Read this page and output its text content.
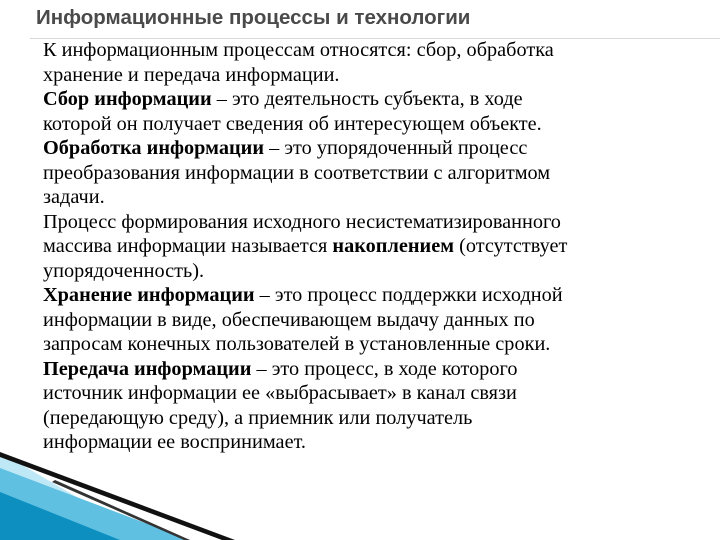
Информационные процессы и технологии

К информационным процессам относятся: сбор, обработка
хранение и передача информации.

Сбор информации – это деятельность субъекта, в ходе
которой он получает сведения об интересующем объекте.

Обработка информации – это упорядоченный процесс
преобразования информации в соответствии с алгоритмом
задачи.

Процесс формирования исходного несистематизированного
массива информации называется накоплением (отсутствует
упорядоченность).

Хранение информации – это процесс поддержки исходной
информации в виде, обеспечивающем выдачу данных по
запросам конечных пользователей в установленные сроки.

Передача информации – это процесс, в ходе которого
источник информации ее «выбрасывает» в канал связи
(передающую среду), а приемник или получатель
информации ее воспринимает.
